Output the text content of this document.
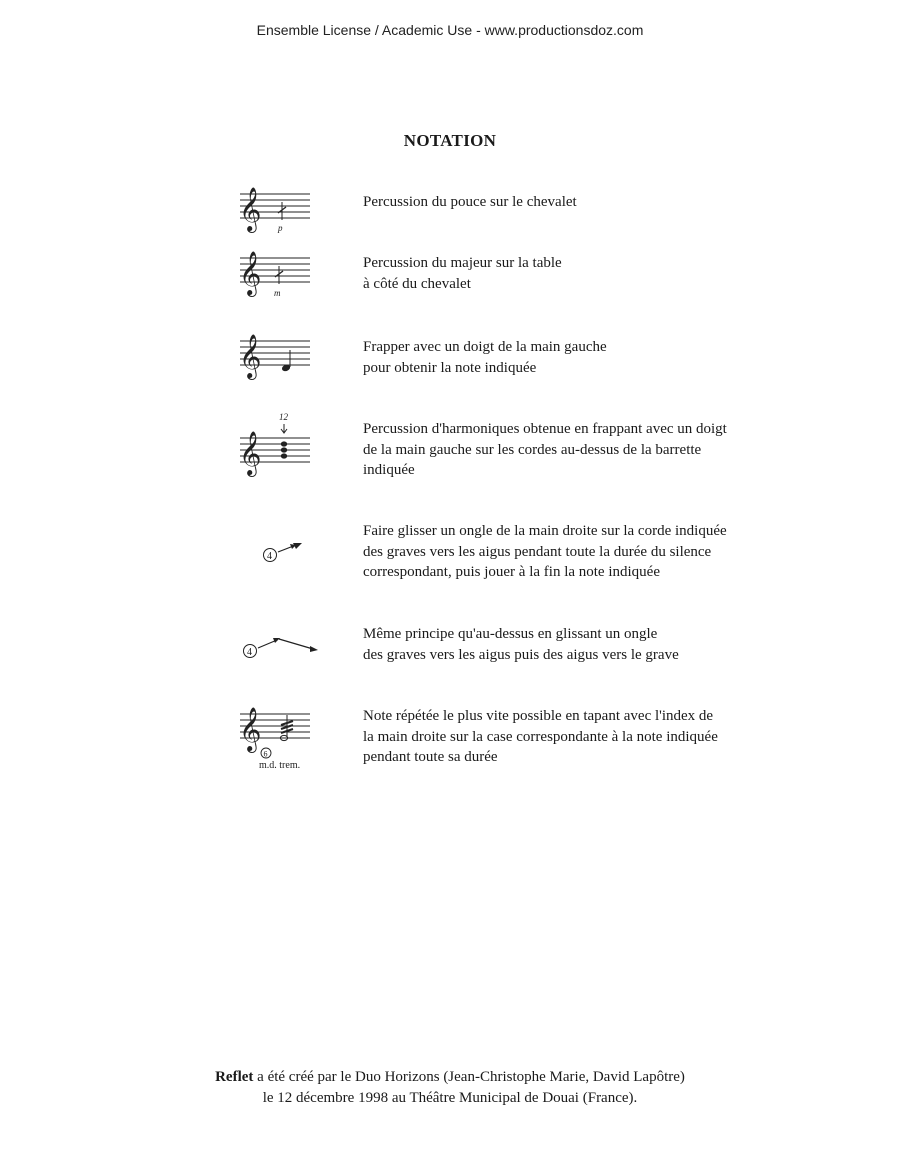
Ensemble License / Academic Use - www.productionsdoz.com
NOTATION
𝄞 p
Percussion du pouce sur le chevalet
𝄞 m
Percussion du majeur sur la table
à côté du chevalet
𝄞	Frapper avec un doigt de la main gauche
pour obtenir la note indiquée
12
𝄞
Percussion d'harmoniques obtenue en frappant avec un doigt
de la main gauche sur les cordes au-dessus de la barrette
indiquée
4
Faire glisser un ongle de la main droite sur la corde indiquée
des graves vers les aigus pendant toute la durée du silence
correspondant, puis jouer à la fin la note indiquée
4
Même principe qu'au-dessus en glissant un ongle
des graves vers les aigus puis des aigus vers le grave
𝄞
6
m.d. trem.
Note répétée le plus vite possible en tapant avec l'index de
la main droite sur la case correspondante à la note indiquée
pendant toute sa durée
Reflet a été créé par le Duo Horizons (Jean-Christophe Marie, David Lapôtre)
le 12 décembre 1998 au Théâtre Municipal de Douai (France).
